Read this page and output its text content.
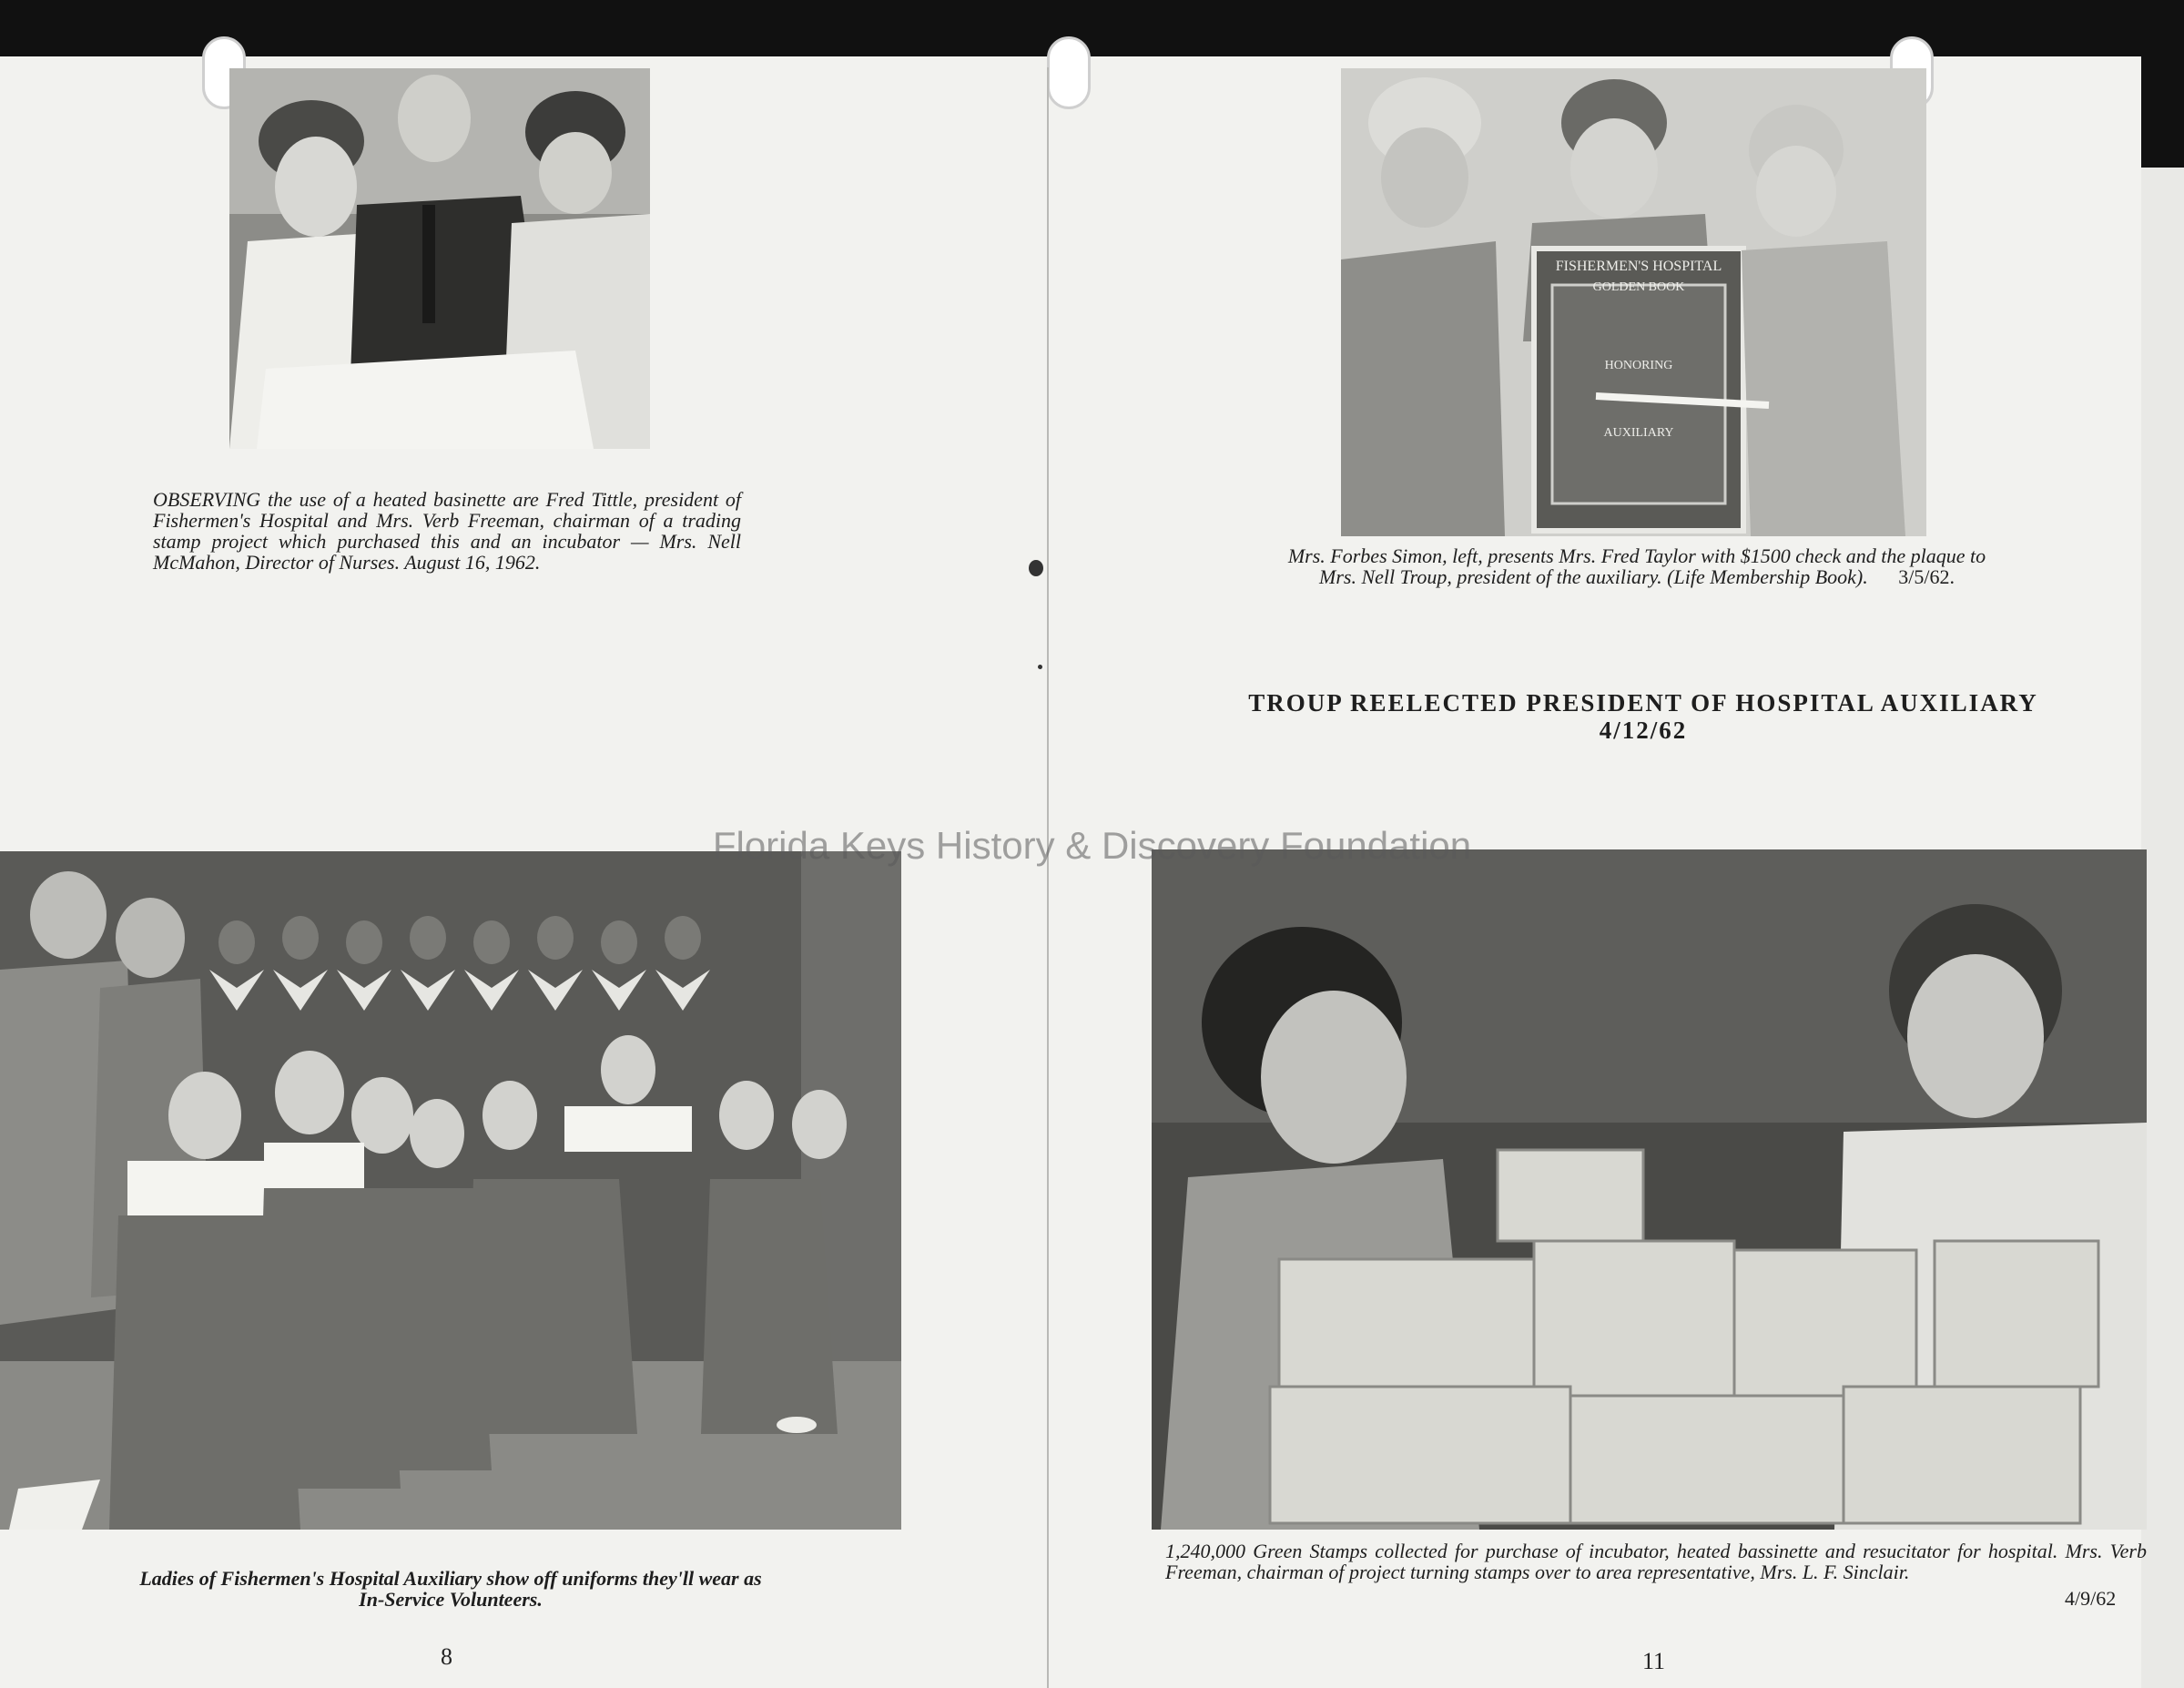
OBSERVING the use of a heated basinette are Fred Tittle, president of Fishermen's Hospital and Mrs. Verb Freeman, chairman of a trading stamp project which purchased this and an incubator — Mrs. Nell McMahon, Director of Nurses. August 16, 1962.

FISHERMEN'S HOSPITAL
GOLDEN BOOK
HONORING
AUXILIARY

Mrs. Forbes Simon, left, presents Mrs. Fred Taylor with $1500 check and the plaque to
Mrs. Nell Troup, president of the auxiliary. (Life Membership Book). 3/5/62.

TROUP REELECTED PRESIDENT OF HOSPITAL AUXILIARY
4/12/62

Ladies of Fishermen's Hospital Auxiliary show off uniforms they'll wear as
In-Service Volunteers.

8

1,240,000 Green Stamps collected for purchase of incubator, heated bassinette and resucitator for hospital. Mrs. Verb Freeman, chairman of project turning stamps over to area representative, Mrs. L. F. Sinclair.

4/9/62
11
Florida Keys History & Discovery Foundation
